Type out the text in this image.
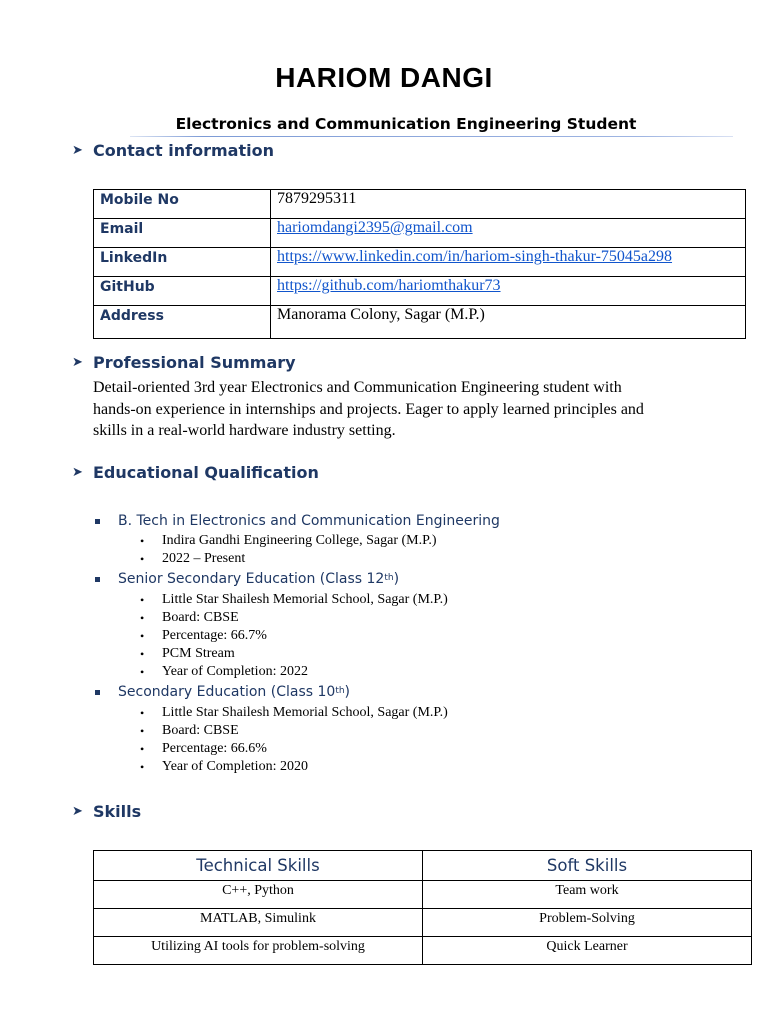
HARIOM DANGI
Electronics and Communication Engineering Student
➤ Contact information
Mobile No	7879295311
Email	hariomdangi2395@gmail.com
LinkedIn	https://www.linkedin.com/in/hariom-singh-thakur-75045a298
GitHub	https://github.com/hariomthakur73
Address	Manorama Colony, Sagar (M.P.)
➤ Professional Summary
Detail-oriented 3rd year Electronics and Communication Engineering student with
hands-on experience in internships and projects. Eager to apply learned principles and
skills in a real-world hardware industry setting.
➤ Educational Qualification
B. Tech in Electronics and Communication Engineering
•	Indira Gandhi Engineering College, Sagar (M.P.)
•	2022 – Present
Senior Secondary Education (Class 12th )
•	Little Star Shailesh Memorial School, Sagar (M.P.)
•	Board: CBSE
•	Percentage: 66.7%
•	PCM Stream
•	Year of Completion: 2022
Secondary Education (Class 10th )
•	Little Star Shailesh Memorial School, Sagar (M.P.)
•	Board: CBSE
•	Percentage: 66.6%
•	Year of Completion: 2020
➤ Skills
Technical Skills	Soft Skills
C++, Python	Team work
MATLAB, Simulink	Problem-Solving
Utilizing AI tools for problem-solving	Quick Learner
